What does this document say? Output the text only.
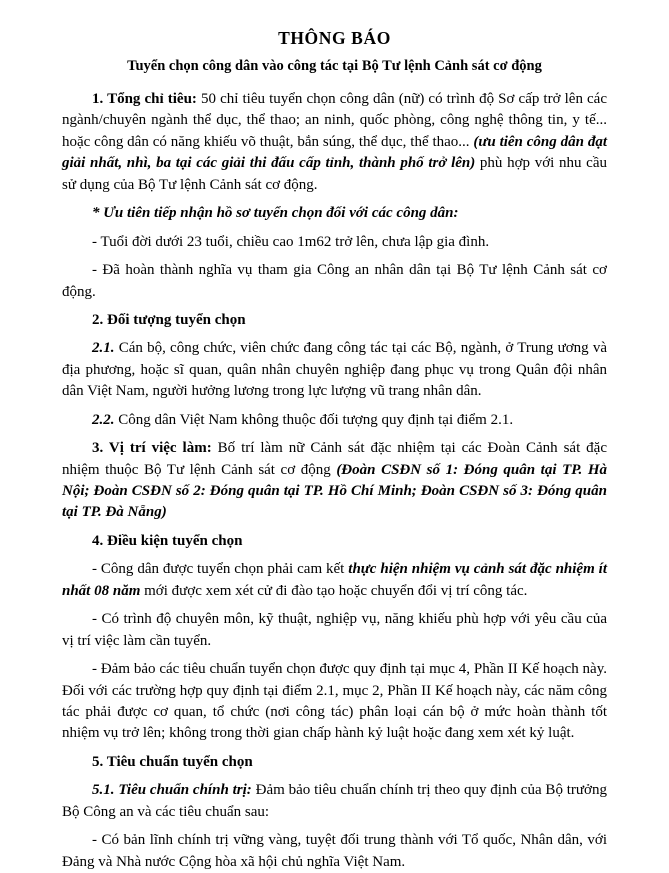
THÔNG BÁO
Tuyển chọn công dân vào công tác tại Bộ Tư lệnh Cảnh sát cơ động

1. Tổng chỉ tiêu: 50 chỉ tiêu tuyển chọn công dân (nữ) có trình độ Sơ cấp trở lên các ngành/chuyên ngành thể dục, thể thao; an ninh, quốc phòng, công nghệ thông tin, y tế... hoặc công dân có năng khiếu võ thuật, bắn súng, thể dục, thể thao... (ưu tiên công dân đạt giải nhất, nhì, ba tại các giải thi đấu cấp tỉnh, thành phố trở lên) phù hợp với nhu cầu sử dụng của Bộ Tư lệnh Cảnh sát cơ động.

* Ưu tiên tiếp nhận hồ sơ tuyển chọn đối với các công dân:

- Tuổi đời dưới 23 tuổi, chiều cao 1m62 trở lên, chưa lập gia đình.

- Đã hoàn thành nghĩa vụ tham gia Công an nhân dân tại Bộ Tư lệnh Cảnh sát cơ động.

2. Đối tượng tuyển chọn

2.1. Cán bộ, công chức, viên chức đang công tác tại các Bộ, ngành, ở Trung ương và địa phương, hoặc sĩ quan, quân nhân chuyên nghiệp đang phục vụ trong Quân đội nhân dân Việt Nam, người hưởng lương trong lực lượng vũ trang nhân dân.

2.2. Công dân Việt Nam không thuộc đối tượng quy định tại điểm 2.1.

3. Vị trí việc làm: Bố trí làm nữ Cảnh sát đặc nhiệm tại các Đoàn Cảnh sát đặc nhiệm thuộc Bộ Tư lệnh Cảnh sát cơ động (Đoàn CSĐN số 1: Đóng quân tại TP. Hà Nội; Đoàn CSĐN số 2: Đóng quân tại TP. Hồ Chí Minh; Đoàn CSĐN số 3: Đóng quân tại TP. Đà Nẵng)

4. Điều kiện tuyển chọn

- Công dân được tuyển chọn phải cam kết thực hiện nhiệm vụ cảnh sát đặc nhiệm ít nhất 08 năm mới được xem xét cử đi đào tạo hoặc chuyển đổi vị trí công tác.

- Có trình độ chuyên môn, kỹ thuật, nghiệp vụ, năng khiếu phù hợp với yêu cầu của vị trí việc làm cần tuyển.

- Đảm bảo các tiêu chuẩn tuyển chọn được quy định tại mục 4, Phần II Kế hoạch này. Đối với các trường hợp quy định tại điểm 2.1, mục 2, Phần II Kế hoạch này, các năm công tác phải được cơ quan, tổ chức (nơi công tác) phân loại cán bộ ở mức hoàn thành tốt nhiệm vụ trở lên; không trong thời gian chấp hành kỷ luật hoặc đang xem xét kỷ luật.

5. Tiêu chuẩn tuyển chọn

5.1. Tiêu chuẩn chính trị: Đảm bảo tiêu chuẩn chính trị theo quy định của Bộ trưởng Bộ Công an và các tiêu chuẩn sau:

- Có bản lĩnh chính trị vững vàng, tuyệt đối trung thành với Tổ quốc, Nhân dân, với Đảng và Nhà nước Cộng hòa xã hội chủ nghĩa Việt Nam.
